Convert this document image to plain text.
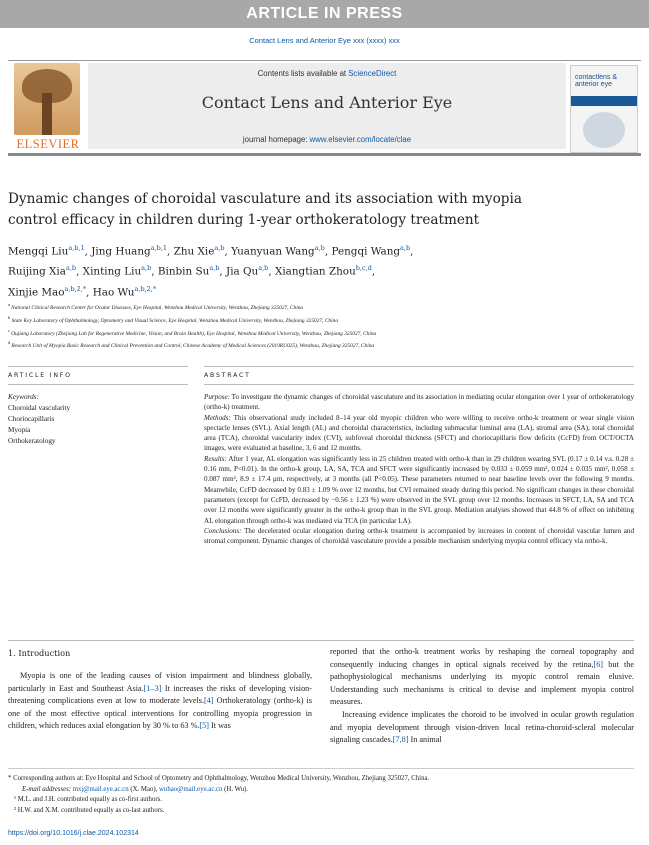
ARTICLE IN PRESS
Contact Lens and Anterior Eye xxx (xxxx) xxx
ELSEVIER
Contents lists available at ScienceDirect
Contact Lens and Anterior Eye
journal homepage: www.elsevier.com/locate/clae
contactlens & anterior eye
Dynamic changes of choroidal vasculature and its association with myopia control efficacy in children during 1-year orthokeratology treatment
Mengqi Liu$^{a,b,1}$, Jing Huang$^{a,b,1}$, Zhu Xie$^{a,b}$, Yuanyuan Wang$^{a,b}$, Pengqi Wang$^{a,b}$,
Ruijing Xia$^{a,b}$, Xinting Liu$^{a,b}$, Binbin Su$^{a,b}$, Jia Qu$^{a,b}$, Xiangtian Zhou$^{b,c,d}$,
Xinjie Mao$^{a,b,2,*}$, Hao $Wu^{a,b,2,*}$
$^a$ National Clinical Research Center for Ocular Diseases, Eye Hospital, Wenzhou Medical University, Wenzhou, Zhejiang 325027, China
$^b$ State Key Laboratory of Ophthalmology, Optometry and Visual Science, Eye Hospital, Wenzhou Medical University, Wenzhou, Zhejiang 325027, China
$^c$ Oujiang Laboratory (Zhejiang Lab for Regenerative Medicine, Vision, and Brain Health), Eye Hospital, Wenzhou Medical University, Wenzhou, Zhejiang 325027, China
$^d$ Research Unit of Myopia Basic Research and Clinical Prevention and Control, Chinese Academy of Medical Sciences (2019RU025), Wenzhou, Zhejiang 325027, China
ARTICLE INFO	ABSTRACT
Keywords:
Choroidal vascularity
Choriocapillaris
Myopia
Orthokeratology

Purpose: To investigate the dynamic changes of choroidal vasculature and its association in mediating ocular elongation over 1 year of orthokeratology (ortho-k) treatment.

Methods: This observational study included 8–14 year old myopic children who were willing to receive ortho-k treatment or wear single vision spectacle lenses (SVL). Axial length (AL) and choroidal characteristics, including submacular luminal area (LA), stromal area (SA), total choroidal area (TCA), choroidal vascularity index (CVI), subfoveal choroidal thickness (SFCT) and choriocapillaris flow deficits (CcFD) from OCT/OCTA images, were evaluated at baseline, 3, 6 and 12 months.

Results: After 1 year, AL elongation was significantly less in 25 children treated with ortho-k than in 29 children wearing SVL (0.17 ± 0.14 v.s. 0.28 ± 0.16 mm, P<0.01). In the ortho-k group, LA, SA, TCA and SFCT were significantly increased by 0.033 ± 0.059 mm², 0.024 ± 0.035 mm², 0.058 ± 0.087 mm², 8.9 ± 17.4 μm, respectively, at 3 months (all P<0.05). These parameters returned to near baseline levels over the following 9 months. Meanwhile, CcFD decreased by 0.83 ± 1.09 % over 12 months, but CVI remained steady during this period. No significant changes in these choroidal parameters (except for CcFD, decreased by −0.56 ± 1.23 %) were observed in the SVL group over 12 months. Increases in SFCT, LA, SA and TCA over 12 months were significantly greater in the ortho-k group than in the SVL group. Mediation analyses showed that 44.8 % of effect on inhibiting AL elongation through ortho-k was mediated via TCA (in particular LA).

Conclusions: The decelerated ocular elongation during ortho-k treatment is accompanied by increases in content of choroidal vascular lumen and stromal component. Dynamic changes of choroidal vasculature provide a possible mechanism underlying myopia control efficacy via ortho-k.

1. Introduction
Myopia is one of the leading causes of vision impairment and blindness globally, particularly in East and Southeast Asia.[1–3] It increases the risks of developing vision-threatening complications even at low to moderate levels.[4] Orthokeratology (ortho-k) is one of the most effective optical interventions for controlling myopia progression in children, which reduces axial elongation by 30 % to 63 %.[5] It was
reported that the ortho-k treatment works by reshaping the corneal topography and consequently inducing changes in optical signals received by the retina,[6] but the pathophysiological mechanisms underlying its myopic control remain elusive. Understanding such mechanisms is critical to devise and implement myopia control measures.
Increasing evidence implicates the choroid to be involved in ocular growth regulation and myopia development through vision-driven local retina-choroid-scleral molecular signaling cascades.[7,8] In animal
* Corresponding authors at: Eye Hospital and School of Optometry and Ophthalmology, Wenzhou Medical University, Wenzhou, Zhejiang 325027, China.
E-mail addresses: mxj@mail.eye.ac.cn (X. Mao), wuhao@mail.eye.ac.cn (H. Wu).
¹ M.L. and J.H. contributed equally as co-first authors.
² H.W. and X.M. contributed equally as co-last authors.
https://doi.org/10.1016/j.clae.2024.102314
